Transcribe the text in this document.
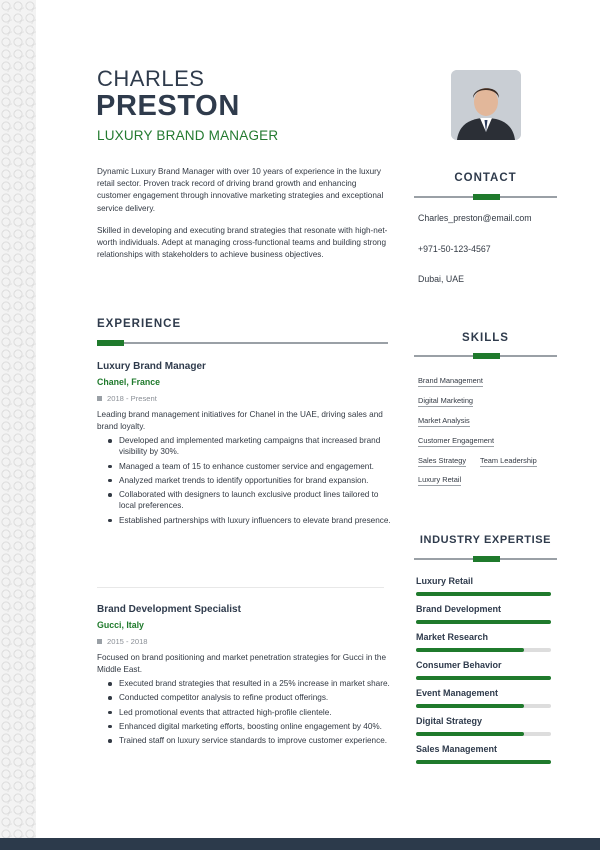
CHARLES
PRESTON
LUXURY BRAND MANAGER

Dynamic Luxury Brand Manager with over 10 years of experience in the luxury retail sector. Proven track record of driving brand growth and enhancing customer engagement through innovative marketing strategies and exceptional service delivery.

Skilled in developing and executing brand strategies that resonate with high-net-worth individuals. Adept at managing cross-functional teams and building strong relationships with stakeholders to achieve business objectives.

EXPERIENCE
Luxury Brand Manager
Chanel, France
2018 - Present
Leading brand management initiatives for Chanel in the UAE, driving sales and brand loyalty.
Developed and implemented marketing campaigns that increased brand visibility by 30%.
Managed a team of 15 to enhance customer service and engagement.
Analyzed market trends to identify opportunities for brand expansion.
Collaborated with designers to launch exclusive product lines tailored to local preferences.
Established partnerships with luxury influencers to elevate brand presence.
Brand Development Specialist
Gucci, Italy
2015 - 2018
Focused on brand positioning and market penetration strategies for Gucci in the Middle East.
Executed brand strategies that resulted in a 25% increase in market share.
Conducted competitor analysis to refine product offerings.
Led promotional events that attracted high-profile clientele.
Enhanced digital marketing efforts, boosting online engagement by 40%.
Trained staff on luxury service standards to improve customer experience.
CONTACT
Charles_preston@email.com
+971-50-123-4567
Dubai, UAE
SKILLS
Brand Management
Digital Marketing
Market Analysis
Customer Engagement
Sales Strategy Team Leadership
Luxury Retail
INDUSTRY EXPERTISE
Luxury Retail
Brand Development
Market Research
Consumer Behavior
Event Management
Digital Strategy
Sales Management
